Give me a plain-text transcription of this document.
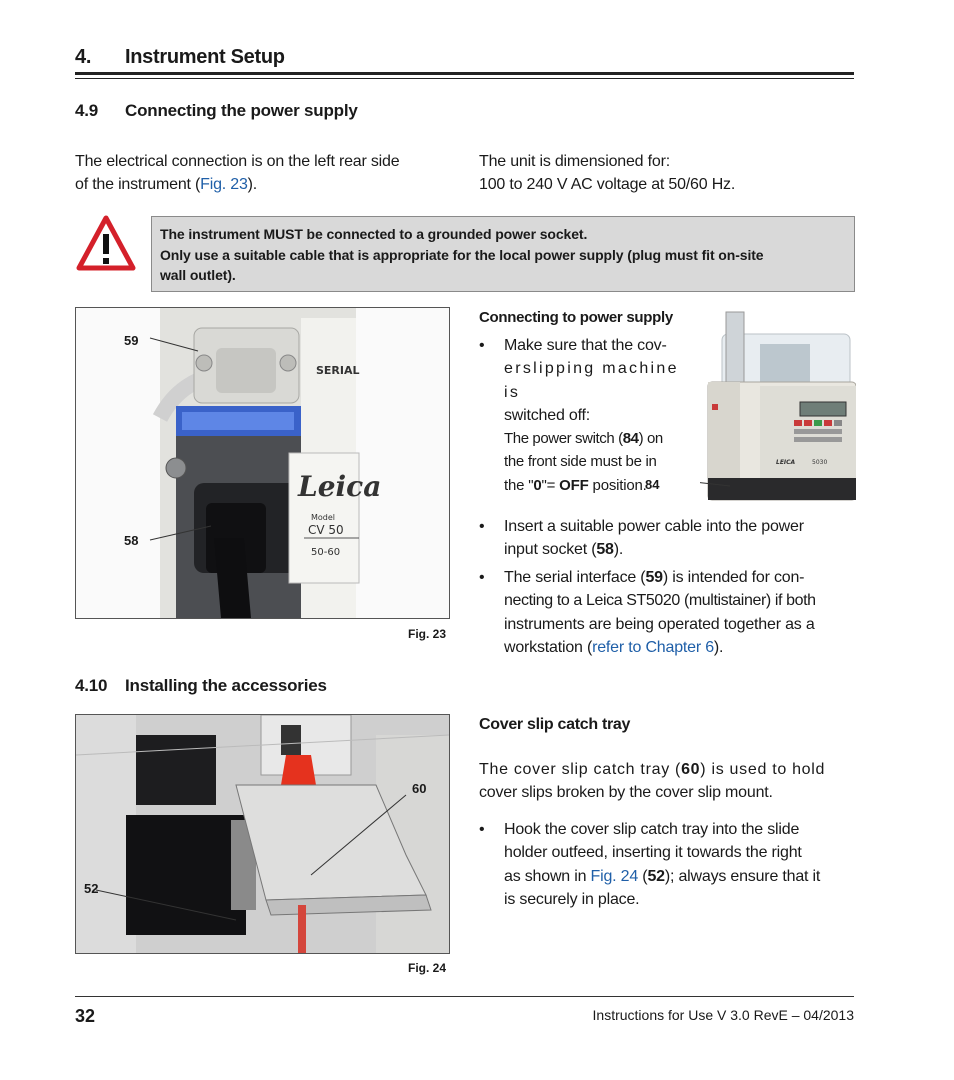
4. Instrument Setup
4.9 Connecting the power supply
The electrical connection is on the left rear side
of the instrument (Fig. 23).
The unit is dimensioned for:
100 to 240 V AC voltage at 50/60 Hz.
The instrument MUST be connected to a grounded power socket.
Only use a suitable cable that is appropriate for the local power supply (plug must fit on-site
wall outlet).
SERIAL
Leica
Model
CV 50
50-60
59
58
Fig. 23
Connecting to power supply
• Make sure that the cov-
erslipping machine is
switched off:
The power switch (84) on
the front side must be in
the "0"= OFF position.
LEICA	5030
84
• Insert a suitable power cable into the power
input socket (58).
• The serial interface (59) is intended for con-
necting to a Leica ST5020 (multistainer) if both
instruments are being operated together as a
workstation (refer to Chapter 6).
4.10 Installing the accessories
60
52
Fig. 24
Cover slip catch tray
The cover slip catch tray (60) is used to hold
cover slips broken by the cover slip mount.
• Hook the cover slip catch tray into the slide
holder outfeed, inserting it towards the right
as shown in Fig. 24 (52); always ensure that it
is securely in place.
32	Instructions for Use V 3.0 RevE – 04/2013
